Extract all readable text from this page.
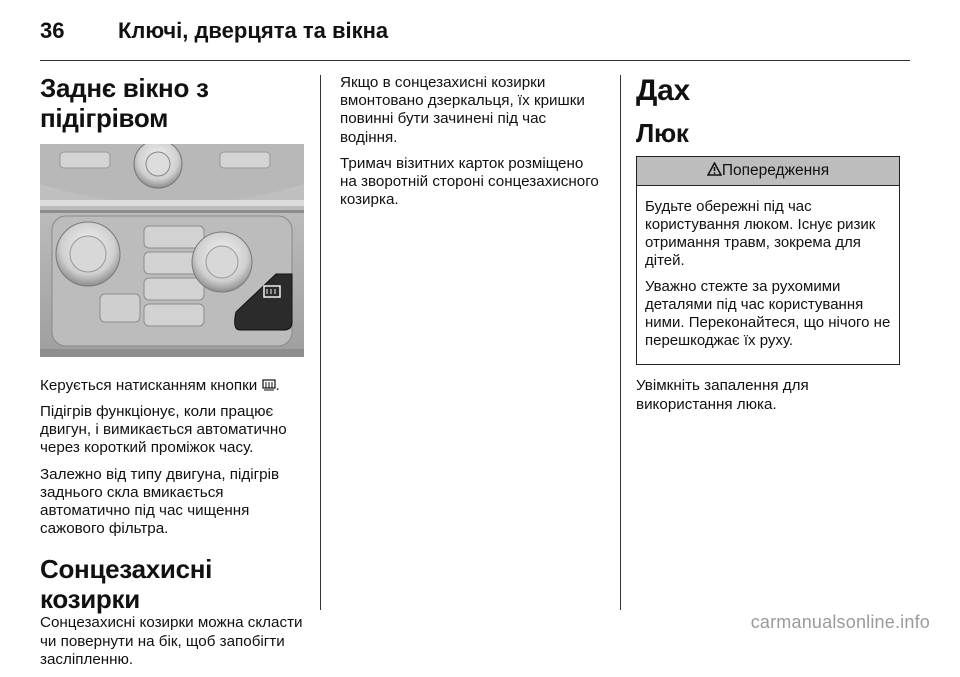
36 Ключі, дверцята та вікна
Заднє вікно з підігрівом

Керується натисканням кнопки .

Підігрів функціонує, коли працює двигун, і вимикається автоматично через короткий проміжок часу.

Залежно від типу двигуна, підігрів заднього скла вмикається автоматично під час чищення сажового фільтра.

Сонцезахисні козирки

Сонцезахисні козирки можна скласти чи повернути на бік, щоб запобігти засліпленню.

Якщо в сонцезахисні козирки вмонтовано дзеркальця, їх кришки повинні бути зачинені під час водіння.

Тримач візитних карток розміщено на зворотній стороні сонцезахисного козирка.

Дах
Люк
Попередження

Будьте обережні під час користування люком. Існує ризик отримання травм, зокрема для дітей.

Уважно стежте за рухомими деталями під час користування ними. Переконайтеся, що нічого не перешкоджає їх руху.

Увімкніть запалення для використання люка.

carmanualsonline.info
